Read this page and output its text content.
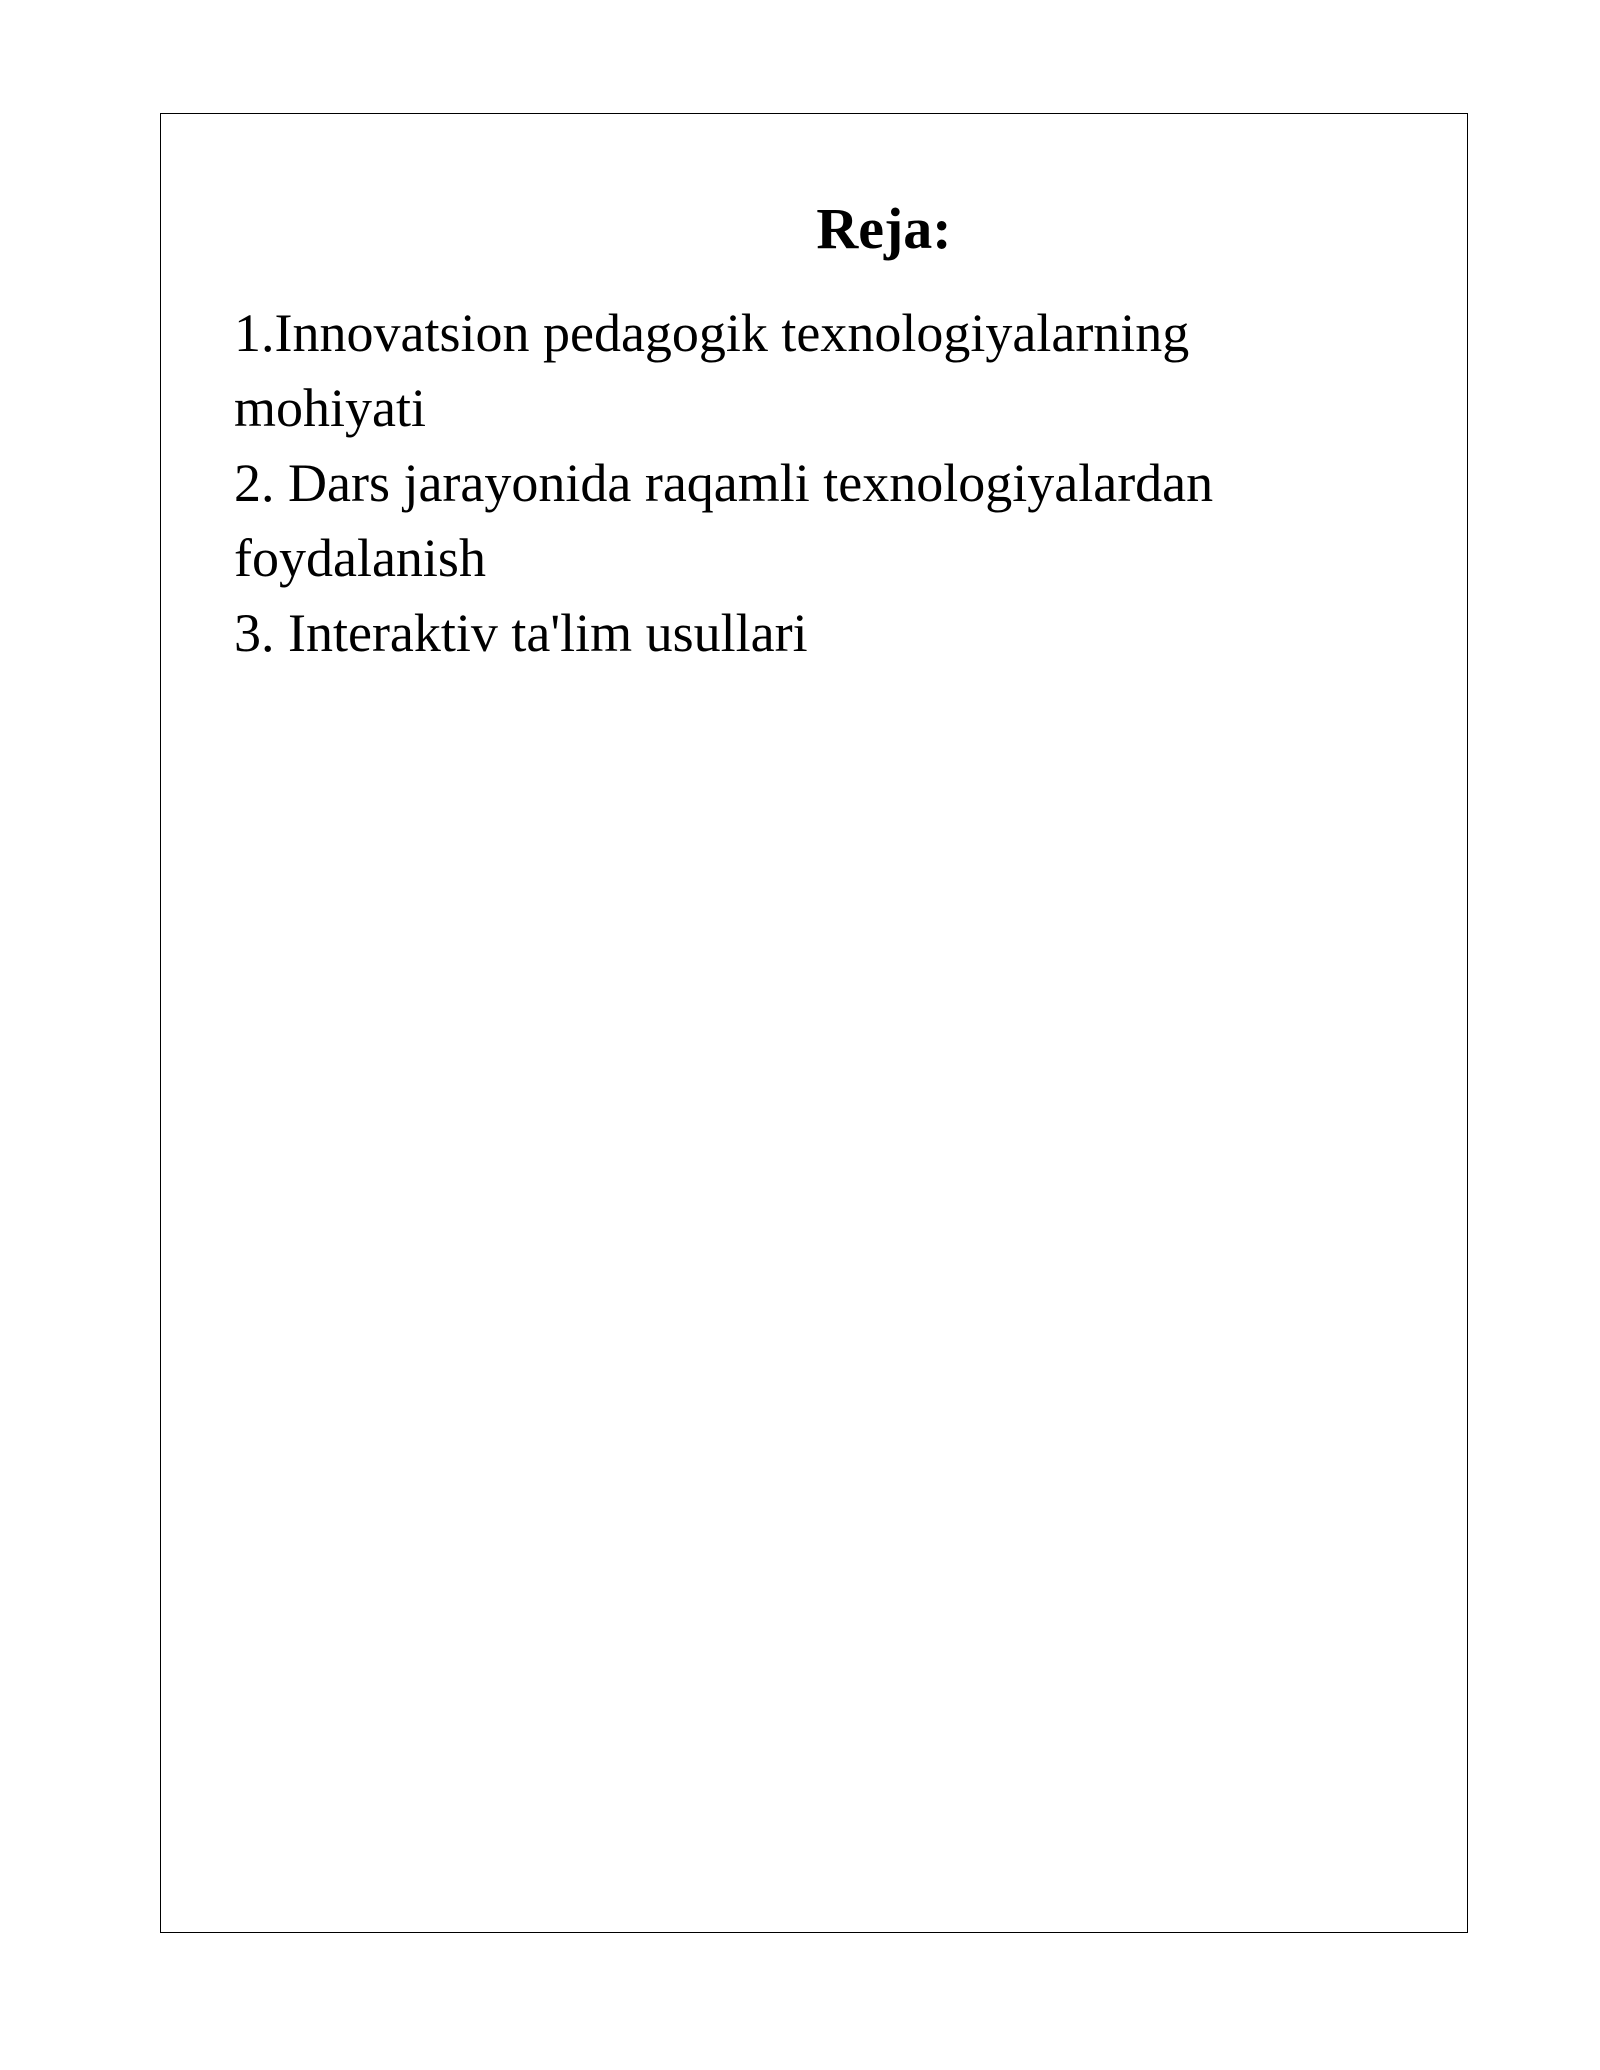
Reja:
1.Innovatsion pedagogik texnologiyalarning mohiyati
2. Dars jarayonida raqamli texnologiyalardan foydalanish
3. Interaktiv ta'lim usullari
